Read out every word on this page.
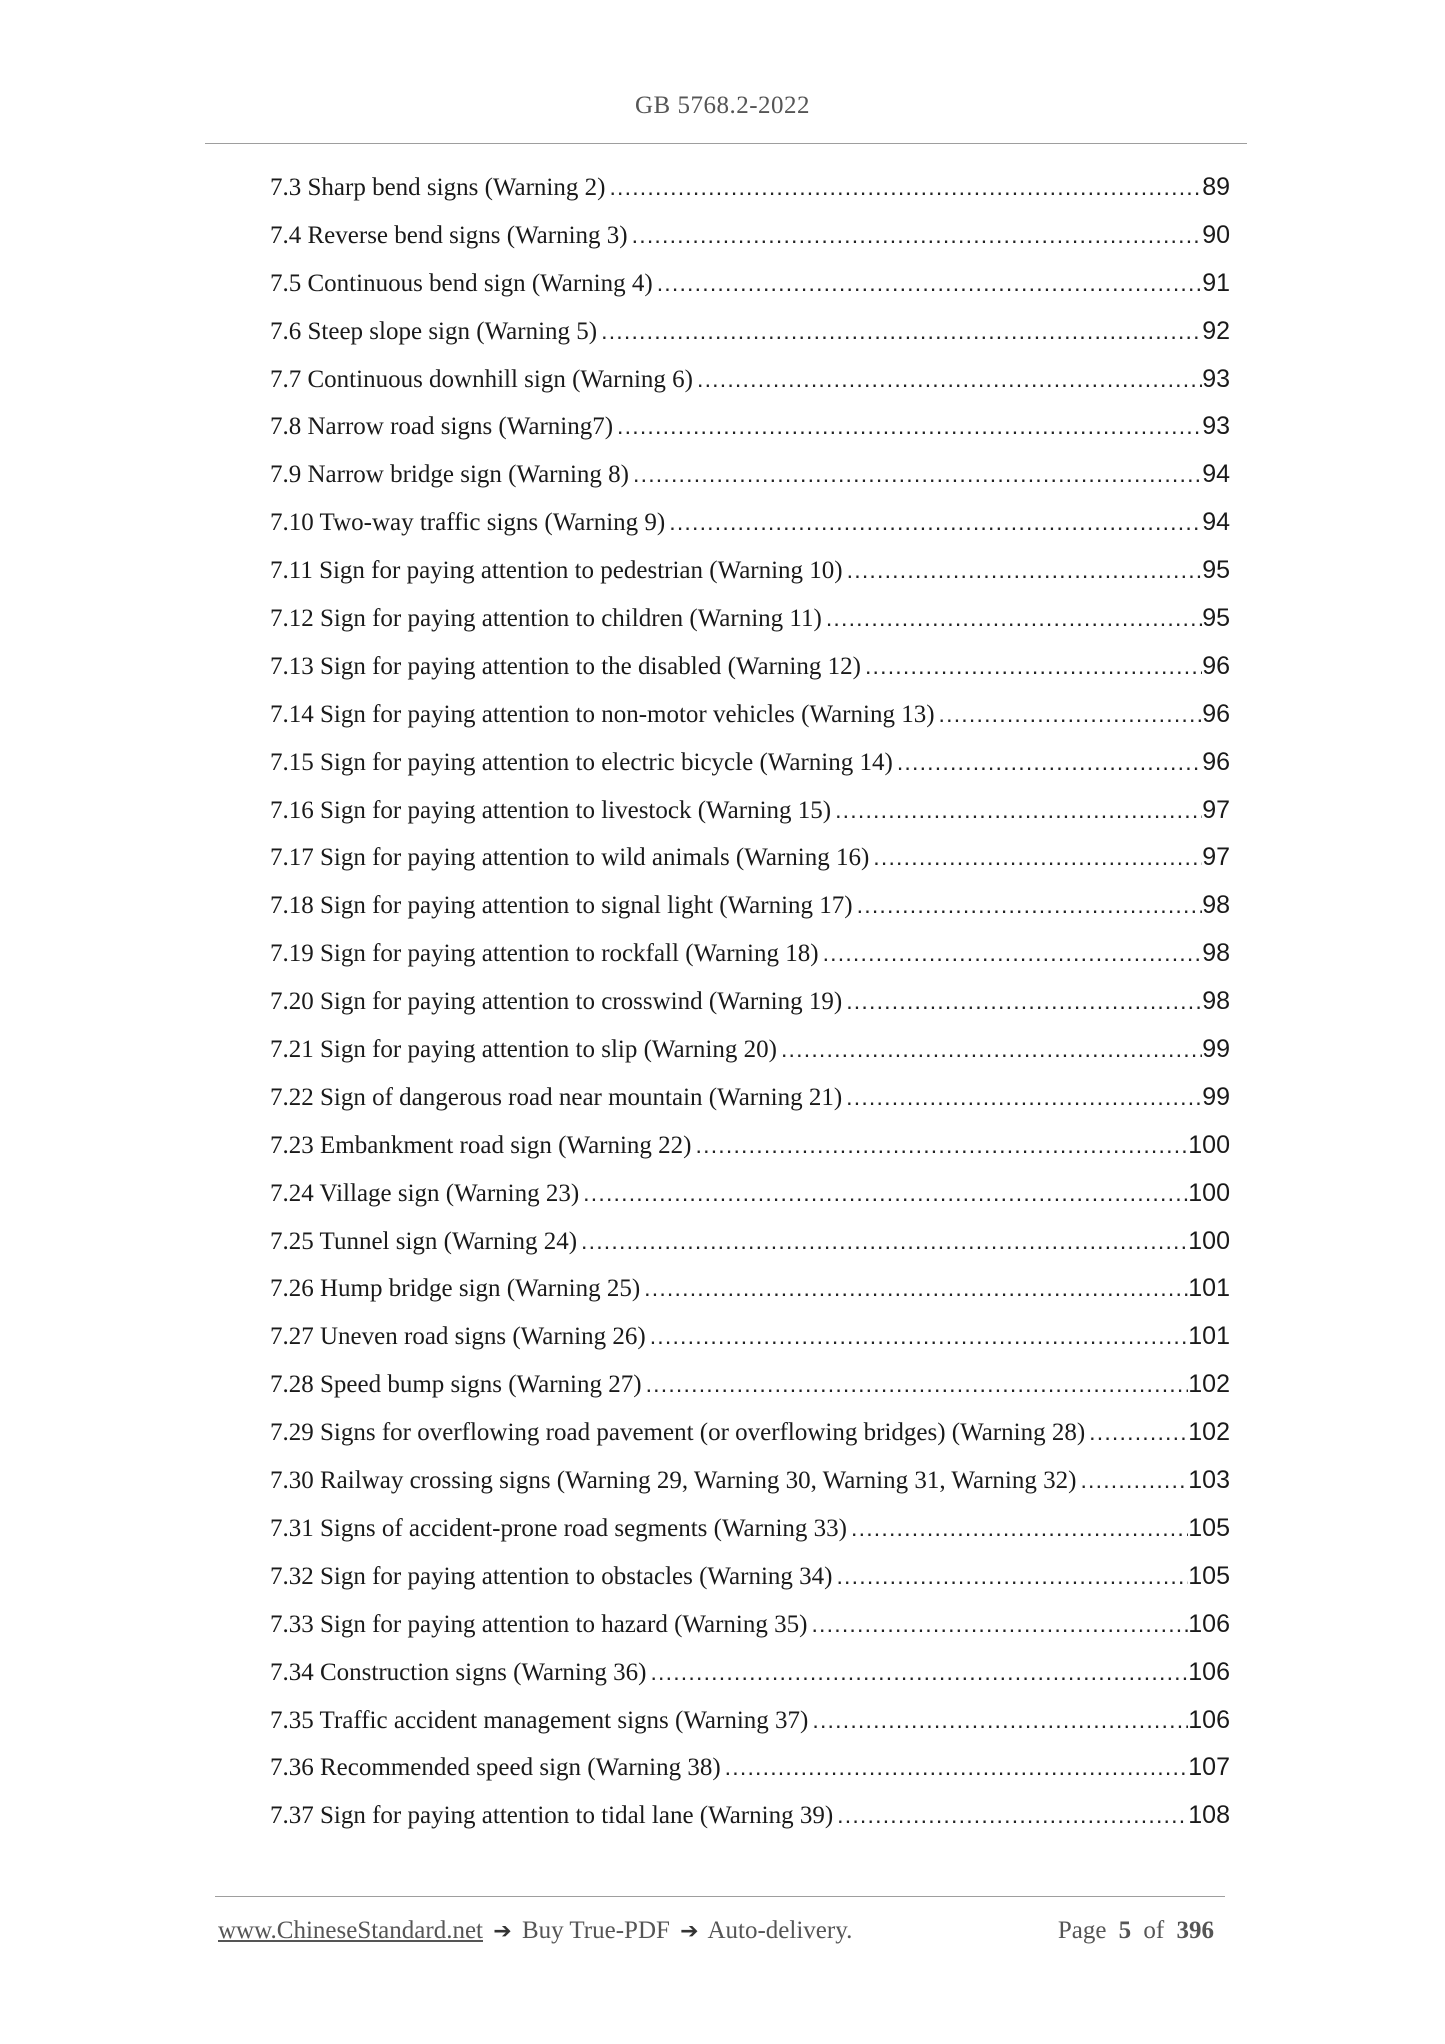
GB 5768.2-2022
7.3 Sharp bend signs (Warning 2) .....	89
7.4 Reverse bend signs (Warning 3) .....	90
7.5 Continuous bend sign (Warning 4) .....	91
7.6 Steep slope sign (Warning 5) .....	92
7.7 Continuous downhill sign (Warning 6) .....	93
7.8 Narrow road signs (Warning7) .....	93
7.9 Narrow bridge sign (Warning 8) .....	94
7.10 Two-way traffic signs (Warning 9) .....	94
7.11 Sign for paying attention to pedestrian (Warning 10) .....	95
7.12 Sign for paying attention to children (Warning 11) .....	95
7.13 Sign for paying attention to the disabled (Warning 12) .....	96
7.14 Sign for paying attention to non-motor vehicles (Warning 13) .....	96
7.15 Sign for paying attention to electric bicycle (Warning 14) .....	96
7.16 Sign for paying attention to livestock (Warning 15) .....	97
7.17 Sign for paying attention to wild animals (Warning 16) .....	97
7.18 Sign for paying attention to signal light (Warning 17) .....	98
7.19 Sign for paying attention to rockfall (Warning 18) .....	98
7.20 Sign for paying attention to crosswind (Warning 19) .....	98
7.21 Sign for paying attention to slip (Warning 20) .....	99
7.22 Sign of dangerous road near mountain (Warning 21) .....	99
7.23 Embankment road sign (Warning 22) .....	100
7.24 Village sign (Warning 23) .....	100
7.25 Tunnel sign (Warning 24) .....	100
7.26 Hump bridge sign (Warning 25) .....	101
7.27 Uneven road signs (Warning 26) .....	101
7.28 Speed bump signs (Warning 27) .....	102
7.29 Signs for overflowing road pavement (or overflowing bridges) (Warning 28) .....	102
7.30 Railway crossing signs (Warning 29, Warning 30, Warning 31, Warning 32) .....	103
7.31 Signs of accident-prone road segments (Warning 33) .....	105
7.32 Sign for paying attention to obstacles (Warning 34) .....	105
7.33 Sign for paying attention to hazard (Warning 35) .....	106
7.34 Construction signs (Warning 36) .....	106
7.35 Traffic accident management signs (Warning 37) .....	106
7.36 Recommended speed sign (Warning 38) .....	107
7.37 Sign for paying attention to tidal lane (Warning 39) .....	108
www.ChineseStandard.net ➔ Buy True-PDF ➔ Auto-delivery.	Page 5 of 396
